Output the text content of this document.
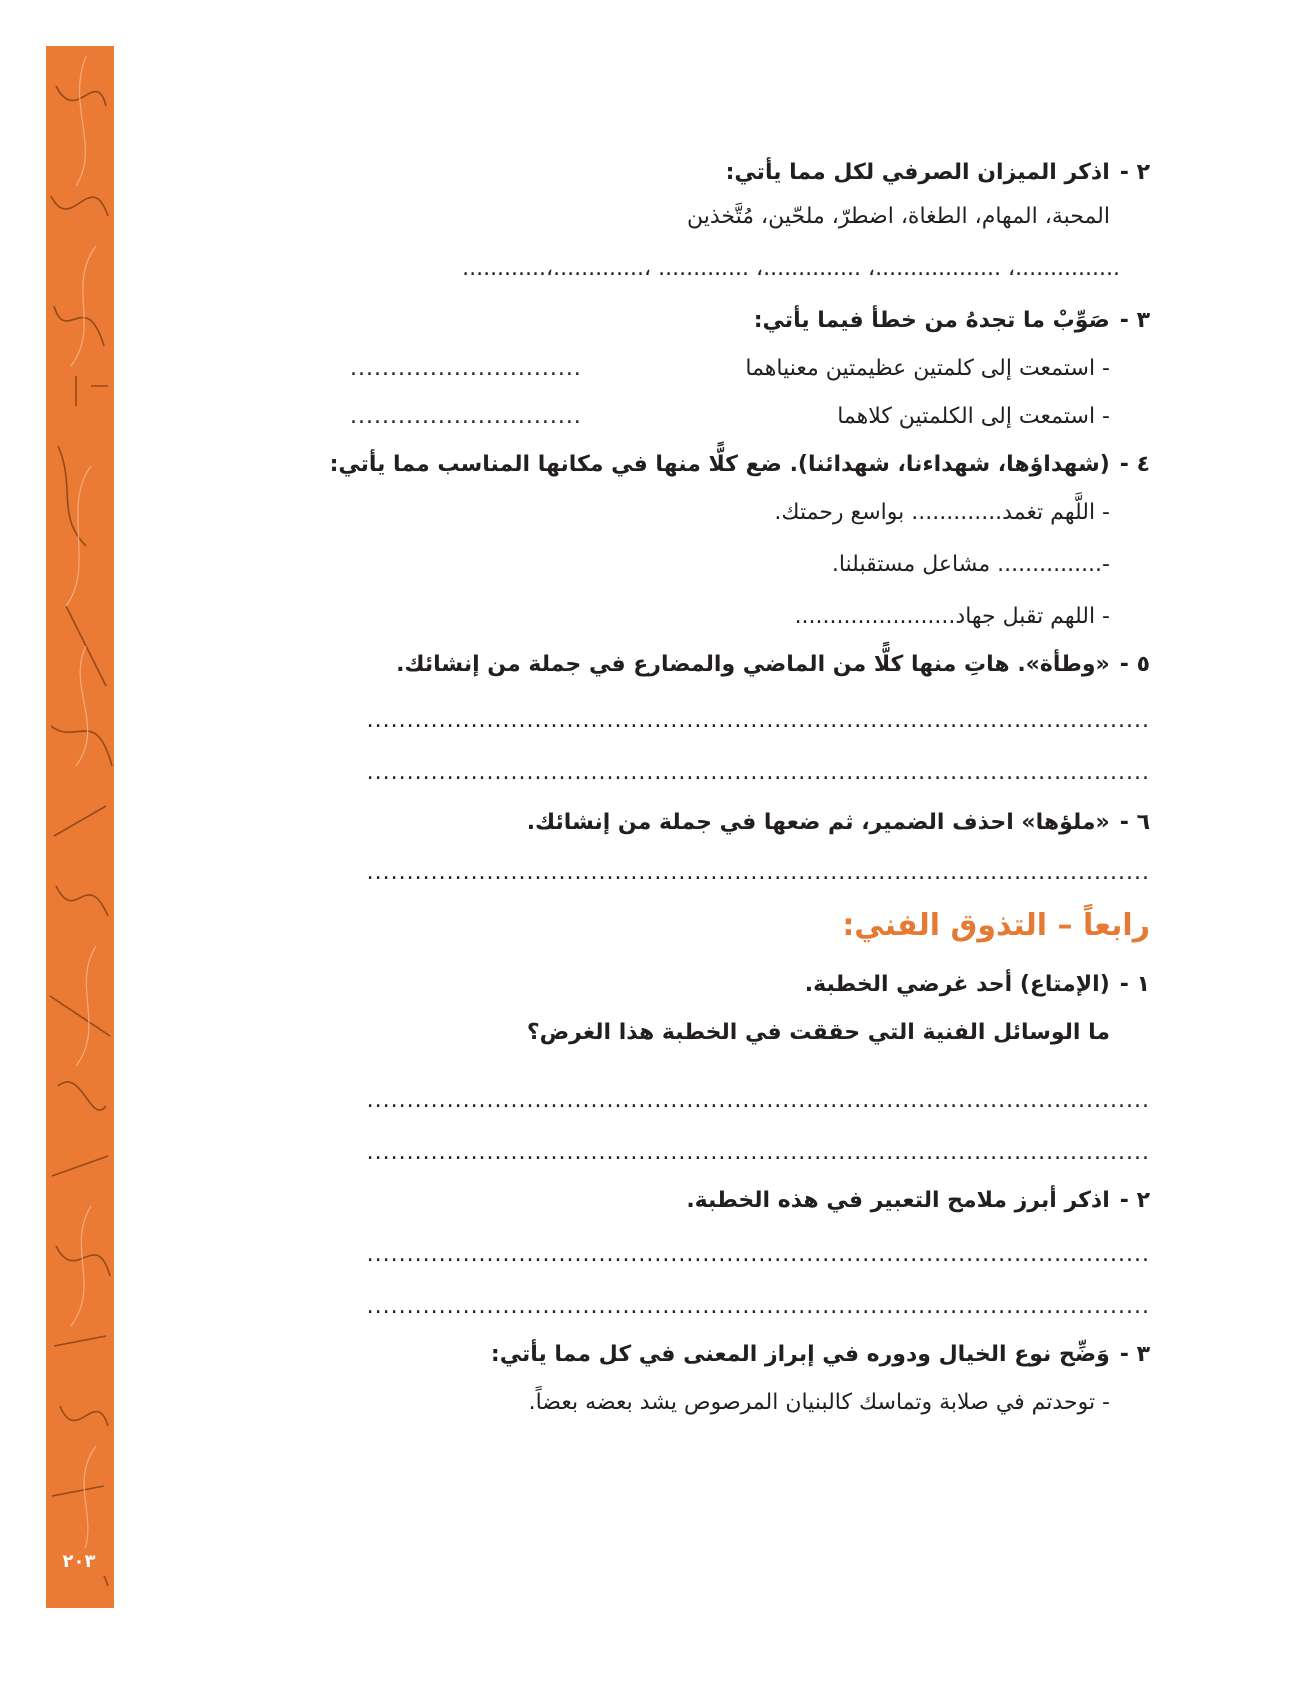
٢٠٣
٢ -اذكر الميزان الصرفي لكل مما يأتي:
المحبة، المهام، الطغاة، اضطرّ، ملحّين، مُتَّخذين
...............، ..................، ..............، ............. ،.............،............
٣ -صَوِّبْ ما تجدهُ من خطأ فيما يأتي:
- استمعت إلى كلمتين عظيمتين معنياهما
.............................
- استمعت إلى الكلمتين كلاهما
.............................
٤ -(شهداؤها، شهداءنا، شهدائنا). ضع كلًّا منها في مكانها المناسب مما يأتي:
- اللَّهم تغمد............. بواسع رحمتك.
-............... مشاعل مستقبلنا.
- اللهم تقبل جهاد.......................
٥ -«وطأة». هاتِ منها كلًّا من الماضي والمضارع في جملة من إنشائك.
..................................................................................................
..................................................................................................
٦ -«ملؤها» احذف الضمير، ثم ضعها في جملة من إنشائك.
..................................................................................................
رابعاً – التذوق الفني:
١ -(الإمتاع) أحد غرضي الخطبة.
ما الوسائل الفنية التي حققت في الخطبة هذا الغرض؟
..................................................................................................
..................................................................................................
٢ -اذكر أبرز ملامح التعبير في هذه الخطبة.
..................................................................................................
..................................................................................................
٣ -وَضِّح نوع الخيال ودوره في إبراز المعنى في كل مما يأتي:
- توحدتم في صلابة وتماسك كالبنيان المرصوص يشد بعضه بعضاً.
